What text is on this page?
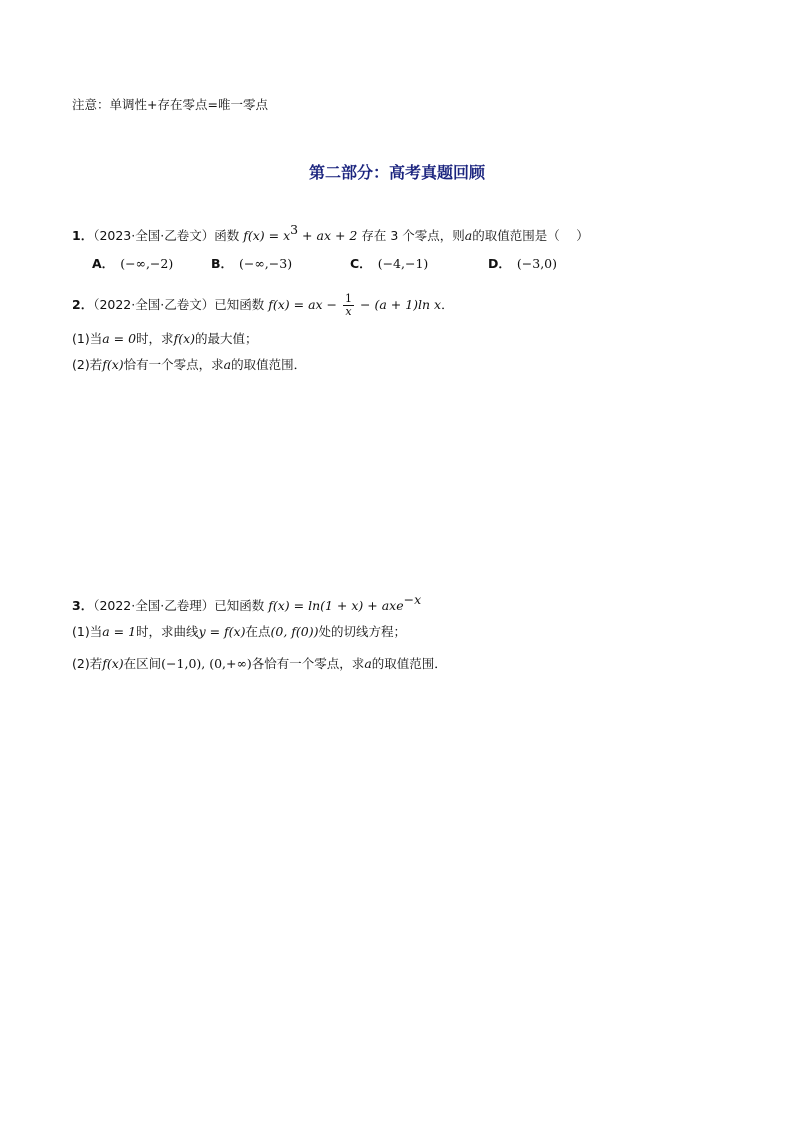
注意：单调性+存在零点=唯一零点
第二部分：高考真题回顾
1．（2023·全国·乙卷文）函数 $f(x) = x^3$ + ax + 2 存在 3 个零点，则a的取值范围是（　 ）
A． (−∞,−2)	B． (−∞,−3)	C． (−4,−1)	D． (−3,0)
2．（2022·全国·乙卷文）已知函数 f(x) = ax − $\frac{1}{x} - (a + 1)\ln$ x．
(1)当a = 0时，求f(x)的最大值；
(2)若f(x)恰有一个零点，求a的取值范围．
3．（2022·全国·乙卷理）已知函数 f(x) = ln(1 + x) + axe$^{-x}$
(1)当a = 1时，求曲线y = f(x)在点(0, f(0))处的切线方程；
(2)若f(x)在区间(−1,0), (0,+∞)各恰有一个零点，求a的取值范围．
